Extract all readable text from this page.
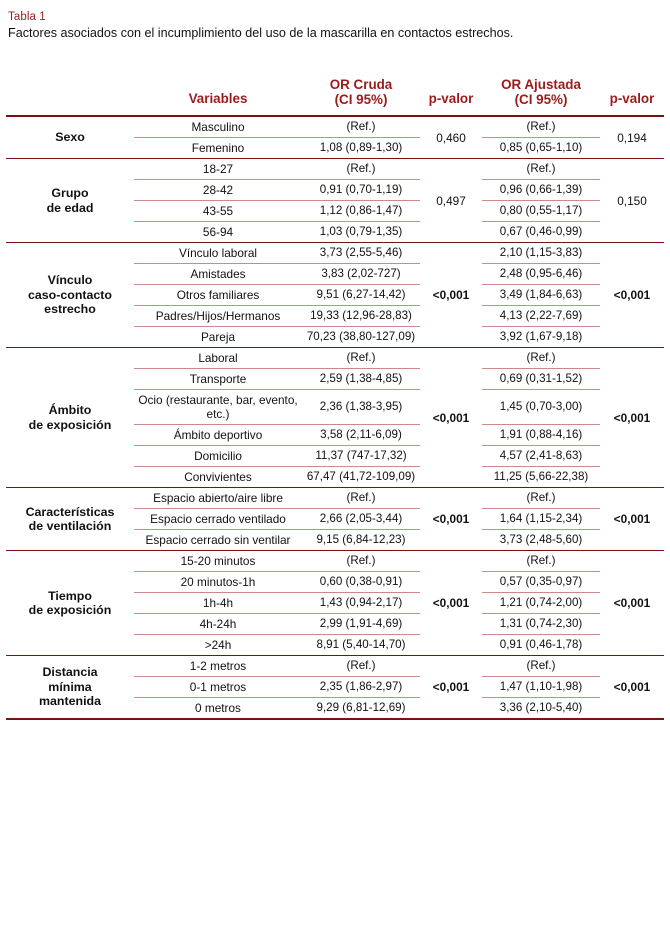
Tabla 1
Factores asociados con el incumplimiento del uso de la mascarilla en contactos estrechos.
	Variables	
OR Cruda
(CI 95%)	p-valor	
OR Ajustada
(CI 95%)	p-valor

Sexo	Masculino	(Ref.)	0,460	(Ref.)	0,194
	Femenino	1,08 (0,89-1,30)		0,85 (0,65-1,10)	

Grupo
de edad	18-27	(Ref.)	0,497	(Ref.)	0,150
	28-42	0,91 (0,70-1,19)		0,96 (0,66-1,39)	
	43-55	1,12 (0,86-1,47)		0,80 (0,55-1,17)	
	56-94	1,03 (0,79-1,35)		0,67 (0,46-0,99)	

Vínculo
caso-contacto
estrecho	Vínculo laboral	3,73 (2,55-5,46)	<0,001	2,10 (1,15-3,83)	<0,001
	Amistades	3,83 (2,02-727)		2,48 (0,95-6,46)	
	Otros familiares	9,51 (6,27-14,42)		3,49 (1,84-6,63)	
	Padres/Hijos/Hermanos	19,33 (12,96-28,83)		4,13 (2,22-7,69)	
	Pareja	70,23 (38,80-127,09)		3,92 (1,67-9,18)	

Ámbito
de exposición	Laboral	(Ref.)	<0,001	(Ref.)	<0,001
	Transporte	2,59 (1,38-4,85)		0,69 (0,31-1,52)	
	Ocio (restaurante, bar, evento, etc.)	2,36 (1,38-3,95)		1,45 (0,70-3,00)	
	Ámbito deportivo	3,58 (2,11-6,09)		1,91 (0,88-4,16)	
	Domicilio	11,37 (747-17,32)		4,57 (2,41-8,63)	
	Convivientes	67,47 (41,72-109,09)		11,25 (5,66-22,38)	

Características
de ventilación	Espacio abierto/aire libre	(Ref.)	<0,001	(Ref.)	<0,001
	Espacio cerrado ventilado	2,66 (2,05-3,44)		1,64 (1,15-2,34)	
	Espacio cerrado sin ventilar	9,15 (6,84-12,23)		3,73 (2,48-5,60)	

Tiempo
de exposición	15-20 minutos	(Ref.)	<0,001	(Ref.)	<0,001
	20 minutos-1h	0,60 (0,38-0,91)		0,57 (0,35-0,97)	
	1h-4h	1,43 (0,94-2,17)		1,21 (0,74-2,00)	
	4h-24h	2,99 (1,91-4,69)		1,31 (0,74-2,30)	
	>24h	8,91 (5,40-14,70)		0,91 (0,46-1,78)	

Distancia
mínima
mantenida	1-2 metros	(Ref.)	<0,001	(Ref.)	<0,001
	0-1 metros	2,35 (1,86-2,97)		1,47 (1,10-1,98)	
	0 metros	9,29 (6,81-12,69)		3,36 (2,10-5,40)	
